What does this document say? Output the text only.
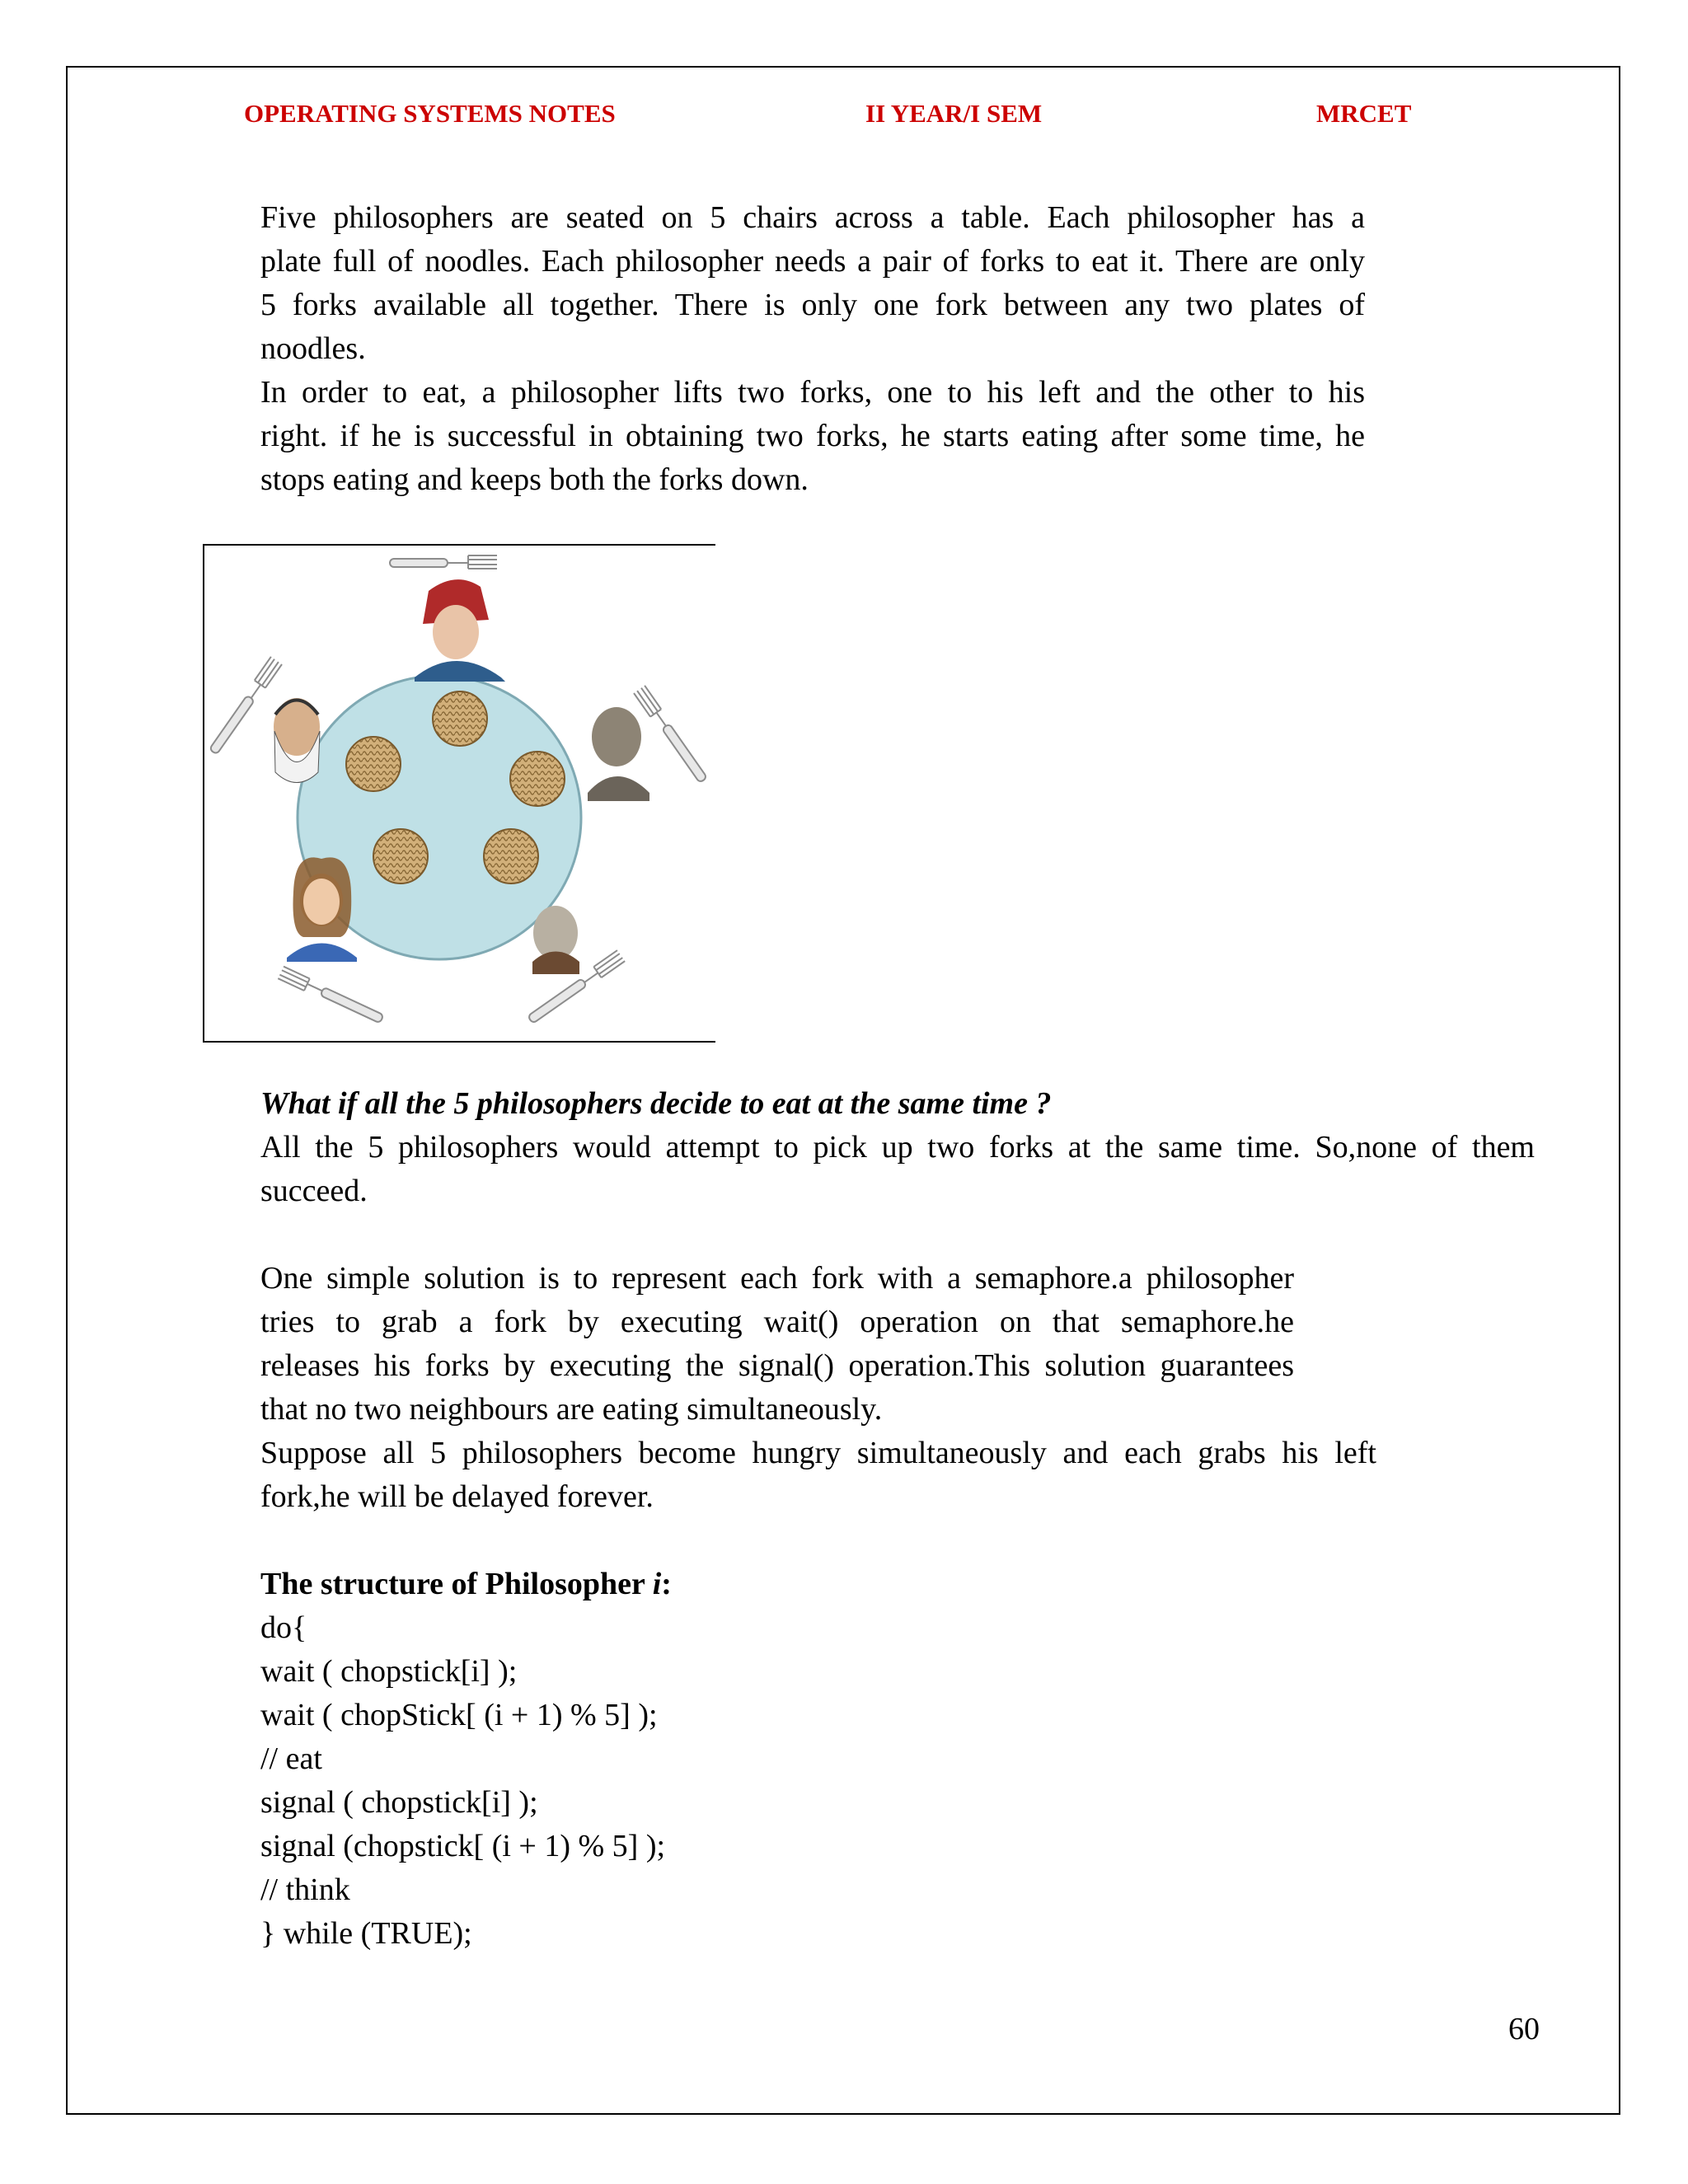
OPERATING SYSTEMS NOTES	II YEAR/I SEM	MRCET
Five philosophers are seated on 5 chairs across a table. Each philosopher has a
plate full of noodles. Each philosopher needs a pair of forks to eat it. There are only
5 forks available all together. There is only one fork between any two plates of
noodles.
In order to eat, a philosopher lifts two forks, one to his left and the other to his
right. if he is successful in obtaining two forks, he starts eating after some time, he
stops eating and keeps both the forks down.
What if all the 5 philosophers decide to eat at the same time ?
All the 5 philosophers would attempt to pick up two forks at the same time. So,none of them
succeed.
One simple solution is to represent each fork with a semaphore.a philosopher
tries to grab a fork by executing wait() operation on that semaphore.he
releases his forks by executing the signal() operation.This solution guarantees
that no two neighbours are eating simultaneously.
Suppose all 5 philosophers become hungry simultaneously and each grabs his left
fork,he will be delayed forever.
The structure of Philosopher i:
do{
wait ( chopstick[i] );
wait ( chopStick[ (i + 1) % 5] );
// eat
signal ( chopstick[i] );
signal (chopstick[ (i + 1) % 5] );
// think
} while (TRUE);
60
